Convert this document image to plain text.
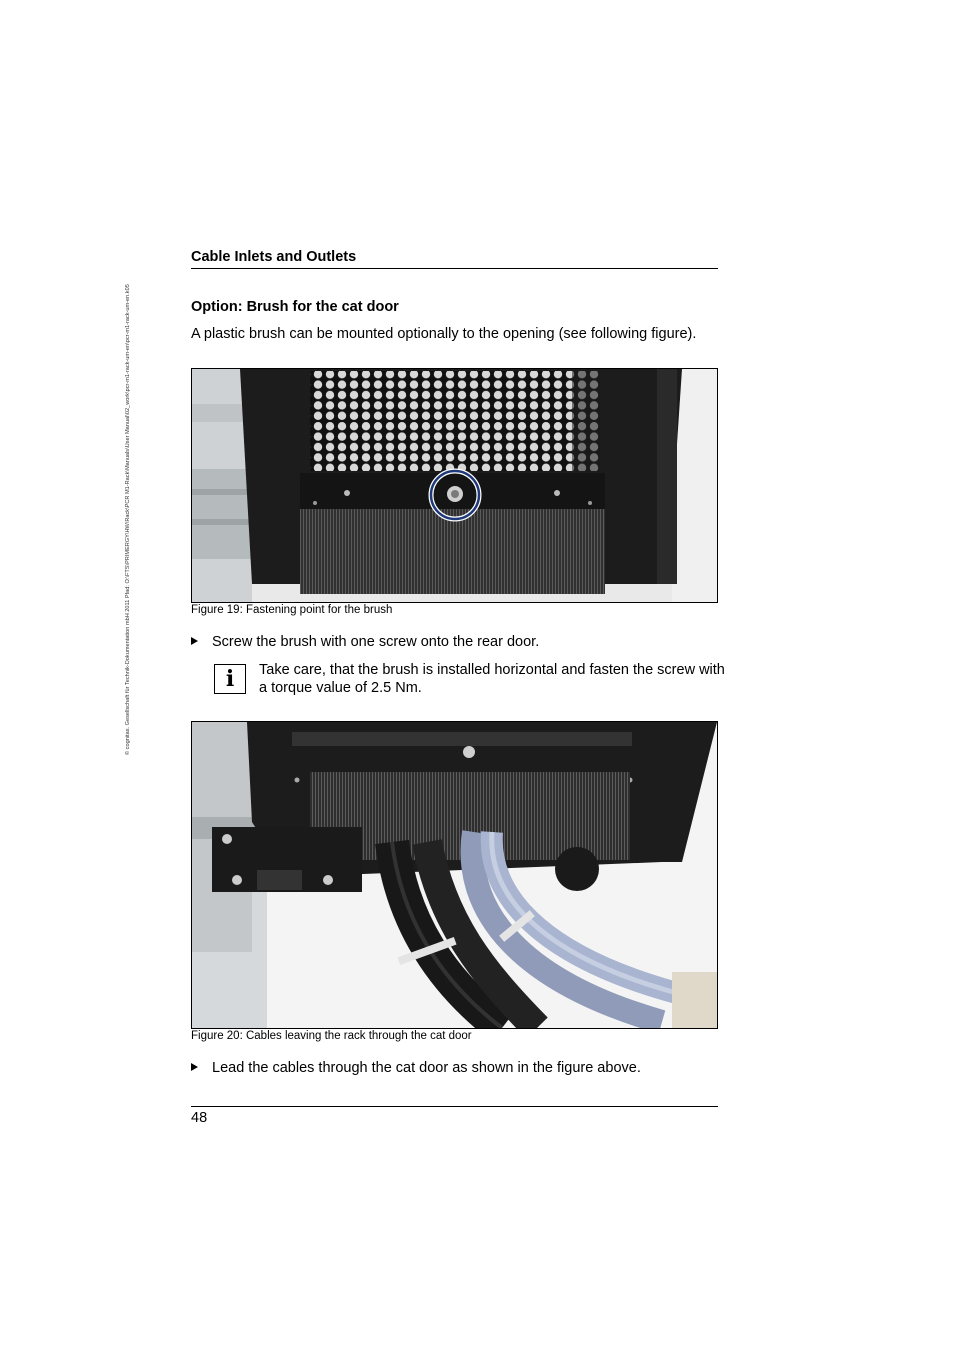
© cognitas. Gesellschaft für Technik-Dokumentation mbH 2011 Pfad: O:\FTS\PRIMERGY\HW\Rack\PCR M1-Rack\Manuals\User Manual\02_work\pcr-m1-rack-um-en\pcr-m1-rack-um-en.k05
Cable Inlets and Outlets
Option: Brush for the cat door
A plastic brush can be mounted optionally to the opening (see following figure).
Figure 19: Fastening point for the brush
Screw the brush with one screw onto the rear door.
i Take care, that the brush is installed horizontal and fasten the screw with a torque value of 2.5 Nm.
Figure 20: Cables leaving the rack through the cat door
Lead the cables through the cat door as shown in the figure above.
48
